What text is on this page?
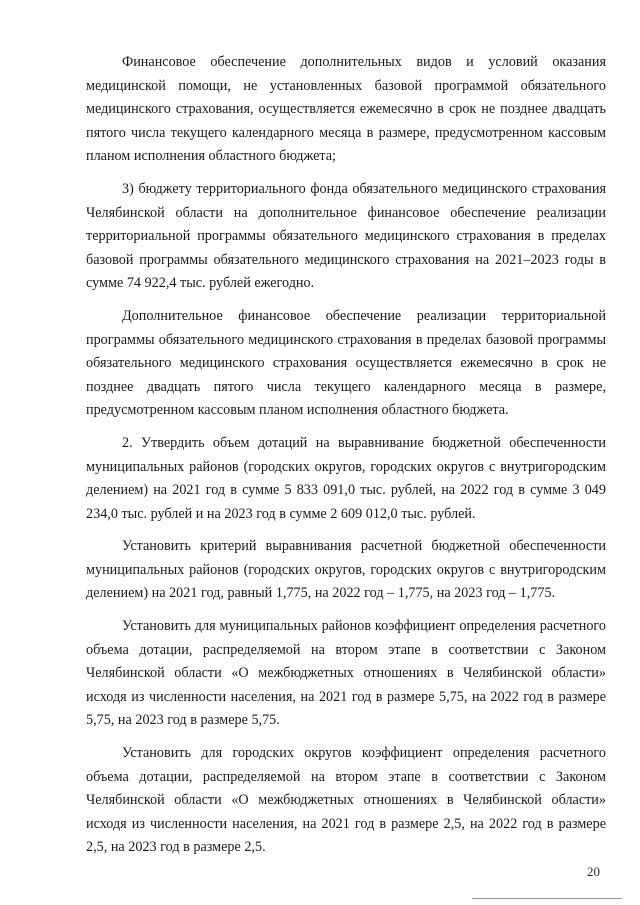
Финансовое обеспечение дополнительных видов и условий оказания медицинской помощи, не установленных базовой программой обязательного медицинского страхования, осуществляется ежемесячно в срок не позднее двадцать пятого числа текущего календарного месяца в размере, предусмотренном кассовым планом исполнения областного бюджета;

3) бюджету территориального фонда обязательного медицинского страхования Челябинской области на дополнительное финансовое обеспечение реализации территориальной программы обязательного медицинского страхования в пределах базовой программы обязательного медицинского страхования на 2021–2023 годы в сумме 74 922,4 тыс. рублей ежегодно.

Дополнительное финансовое обеспечение реализации территориальной программы обязательного медицинского страхования в пределах базовой программы обязательного медицинского страхования осуществляется ежемесячно в срок не позднее двадцать пятого числа текущего календарного месяца в размере, предусмотренном кассовым планом исполнения областного бюджета.

2. Утвердить объем дотаций на выравнивание бюджетной обеспеченности муниципальных районов (городских округов, городских округов с внутригородским делением) на 2021 год в сумме 5 833 091,0 тыс. рублей, на 2022 год в сумме 3 049 234,0 тыс. рублей и на 2023 год в сумме 2 609 012,0 тыс. рублей.

Установить критерий выравнивания расчетной бюджетной обеспеченности муниципальных районов (городских округов, городских округов с внутригородским делением) на 2021 год, равный 1,775, на 2022 год – 1,775, на 2023 год – 1,775.

Установить для муниципальных районов коэффициент определения расчетного объема дотации, распределяемой на втором этапе в соответствии с Законом Челябинской области «О межбюджетных отношениях в Челябинской области» исходя из численности населения, на 2021 год в размере 5,75, на 2022 год в размере 5,75, на 2023 год в размере 5,75.

Установить для городских округов коэффициент определения расчетного объема дотации, распределяемой на втором этапе в соответствии с Законом Челябинской области «О межбюджетных отношениях в Челябинской области» исходя из численности населения, на 2021 год в размере 2,5, на 2022 год в размере 2,5, на 2023 год в размере 2,5.

20
